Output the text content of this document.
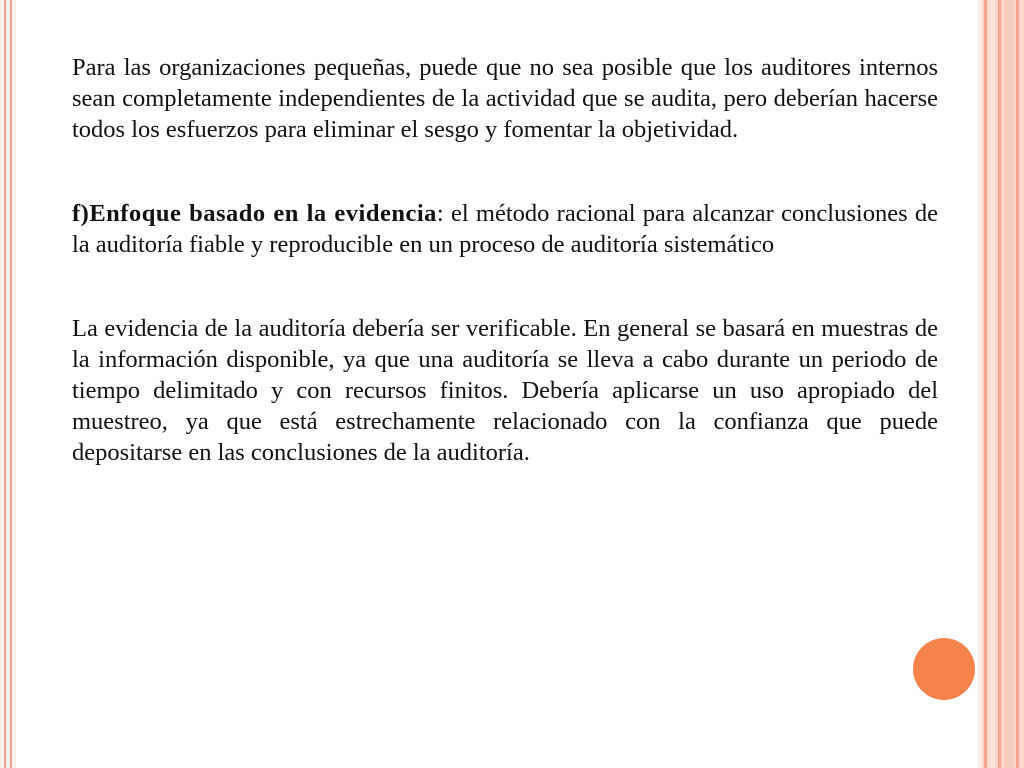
Para las organizaciones pequeñas, puede que no sea posible que los auditores internos sean completamente independientes de la actividad que se audita, pero deberían hacerse todos los esfuerzos para eliminar el sesgo y fomentar la objetividad.

f)Enfoque basado en la evidencia: el método racional para alcanzar conclusiones de la auditoría fiable y reproducible en un proceso de auditoría sistemático

La evidencia de la auditoría debería ser verificable. En general se basará en muestras de la información disponible, ya que una auditoría se lleva a cabo durante un periodo de tiempo delimitado y con recursos finitos. Debería aplicarse un uso apropiado del muestreo, ya que está estrechamente relacionado con la confianza que puede depositarse en las conclusiones de la auditoría.
